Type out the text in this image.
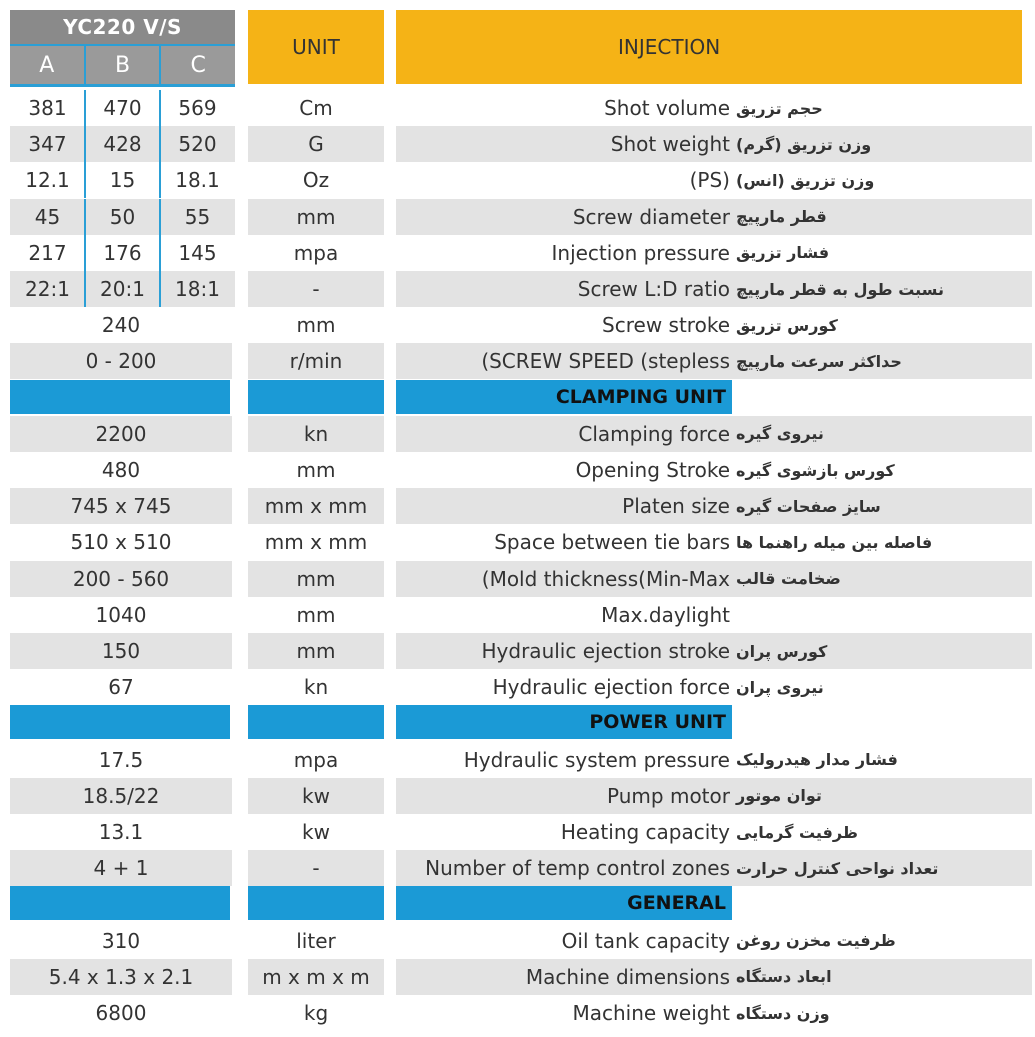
YC220 V/S
A	B	C
UNIT	INJECTION
381	470	569	Cm	Shot volume حجم تزریق
347	428	520	G	Shot weight وزن تزریق (گرم)
12.1	15	18.1	Oz	(PS) وزن تزریق (انس)
45	50	55	mm	Screw diameter قطر مارپیچ
217	176	145	mpa	Injection pressure فشار تزریق
22:1	20:1	18:1	-	Screw L:D ratio نسبت طول به قطر مارپیچ
240	mm	Screw stroke کورس تزریق
0 - 200	r/min	(SCREW SPEED (stepless حداکثر سرعت مارپیچ
CLAMPING UNIT
2200	kn	Clamping force نیروی گیره
480	mm	Opening Stroke کورس بازشوی گیره
745 x 745	mm x mm	Platen size سایز صفحات گیره
510 x 510	mm x mm	Space between tie bars فاصله بین میله راهنما ها
200 - 560	mm	(Mold thickness(Min-Max ضخامت قالب
1040	mm	Max.daylight
150	mm	Hydraulic ejection stroke کورس پران
67	kn	Hydraulic ejection force نیروی پران
POWER UNIT
17.5	mpa	Hydraulic system pressure فشار مدار هیدرولیک
18.5/22	kw	Pump motor توان موتور
13.1	kw	Heating capacity ظرفیت گرمایی
4 + 1	-	Number of temp control zones تعداد نواحی کنترل حرارت
GENERAL
310	liter	Oil tank capacity ظرفیت مخزن روغن
5.4 x 1.3 x 2.1	m x m x m	Machine dimensions ابعاد دستگاه
6800	kg	Machine weight وزن دستگاه
